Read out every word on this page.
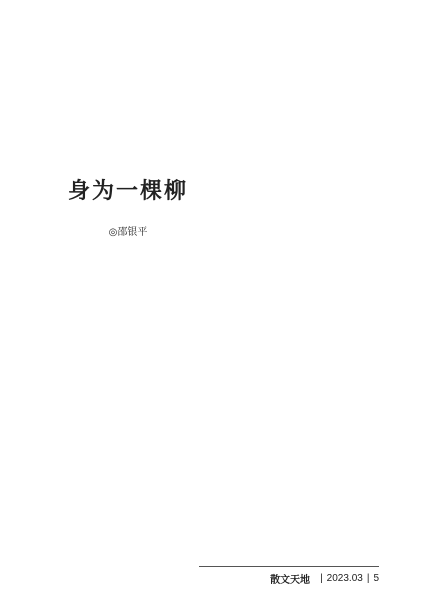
身为一棵柳
◎邵银平

散文天地 | 2023.03 | 5
